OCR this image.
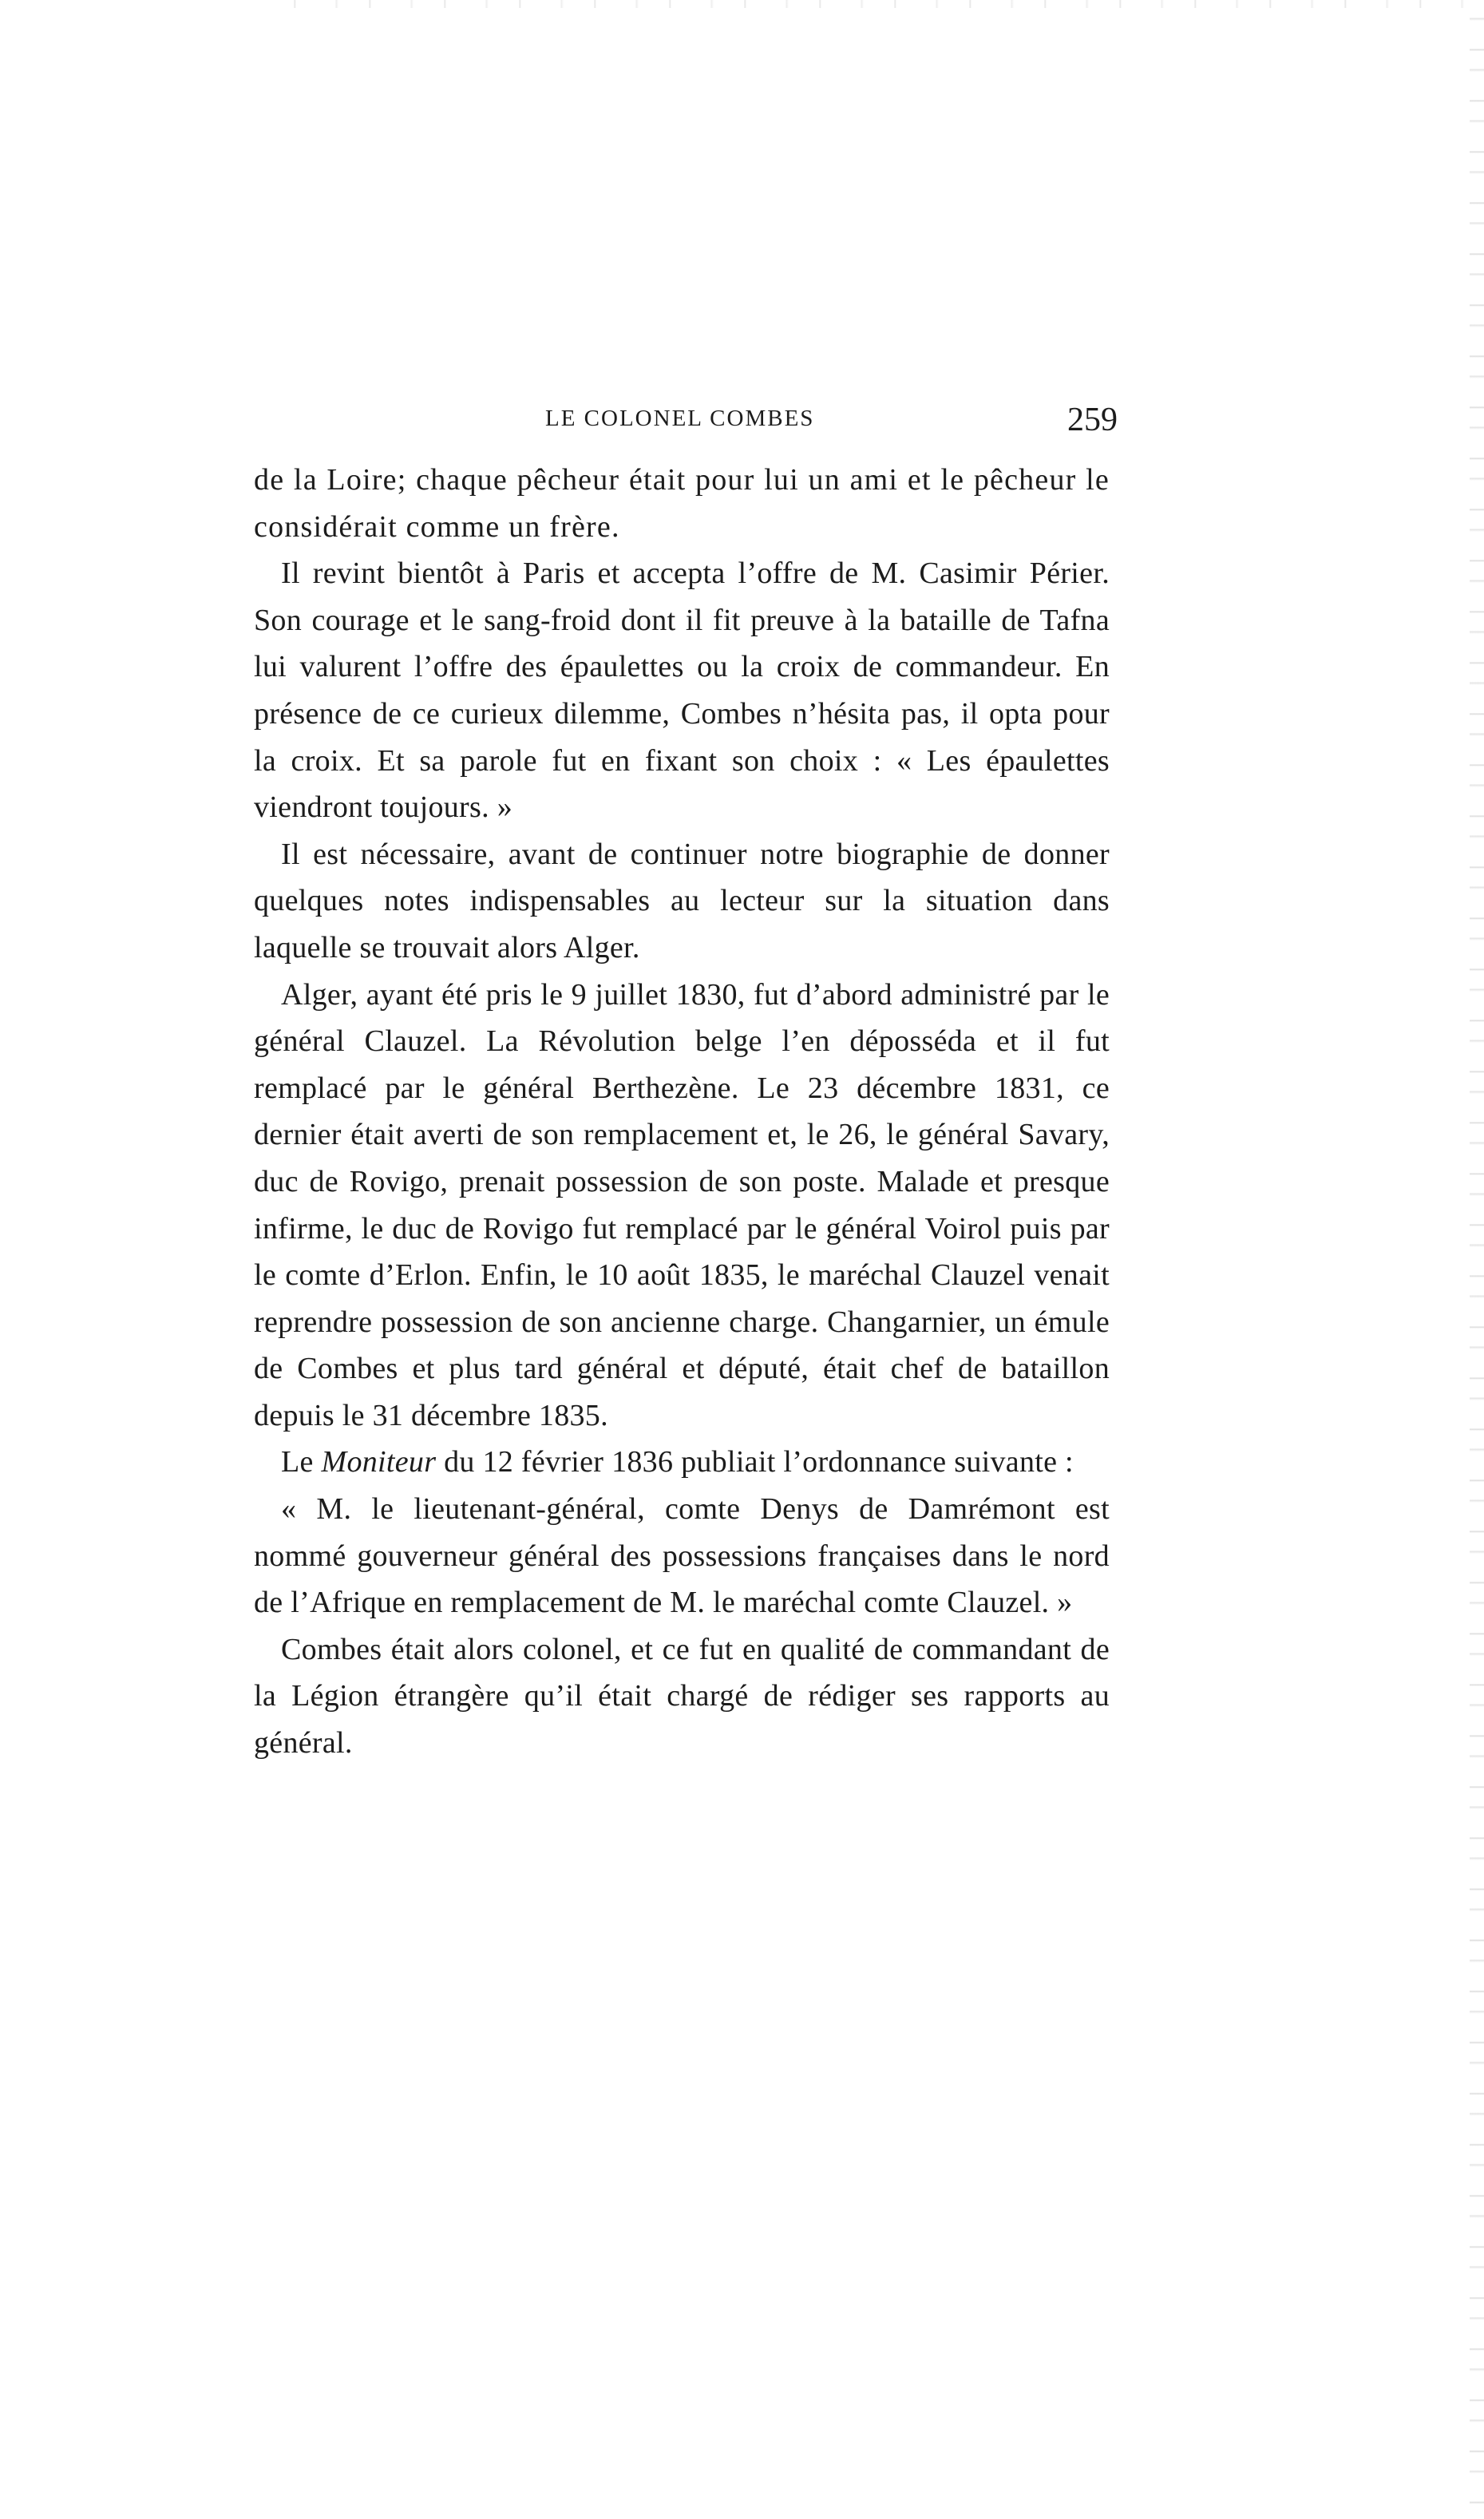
LE COLONEL COMBES	259

de la Loire; chaque pêcheur était pour lui un ami et le pêcheur le considérait comme un frère.

Il revint bientôt à Paris et accepta l’offre de M. Casimir Périer. Son courage et le sang-froid dont il fit preuve à la bataille de Tafna lui valurent l’offre des épaulettes ou la croix de commandeur. En présence de ce curieux dilemme, Combes n’hésita pas, il opta pour la croix. Et sa parole fut en fixant son choix : « Les épaulettes viendront toujours. »

Il est nécessaire, avant de continuer notre biographie de donner quelques notes indispensables au lecteur sur la situation dans laquelle se trouvait alors Alger.

Alger, ayant été pris le 9 juillet 1830, fut d’abord administré par le général Clauzel. La Révolution belge l’en déposséda et il fut remplacé par le général Berthezène. Le 23 décembre 1831, ce dernier était averti de son remplacement et, le 26, le général Savary, duc de Rovigo, prenait possession de son poste. Malade et presque infirme, le duc de Rovigo fut remplacé par le général Voirol puis par le comte d’Erlon. Enfin, le 10 août 1835, le maréchal Clauzel venait reprendre possession de son ancienne charge. Changarnier, un émule de Combes et plus tard général et député, était chef de bataillon depuis le 31 décembre 1835.

Le Moniteur du 12 février 1836 publiait l’ordonnance suivante :

« M. le lieutenant-général, comte Denys de Damrémont est nommé gouverneur général des possessions françaises dans le nord de l’Afrique en remplacement de M. le maréchal comte Clauzel. »

Combes était alors colonel, et ce fut en qualité de commandant de la Légion étrangère qu’il était chargé de rédiger ses rapports au général.
